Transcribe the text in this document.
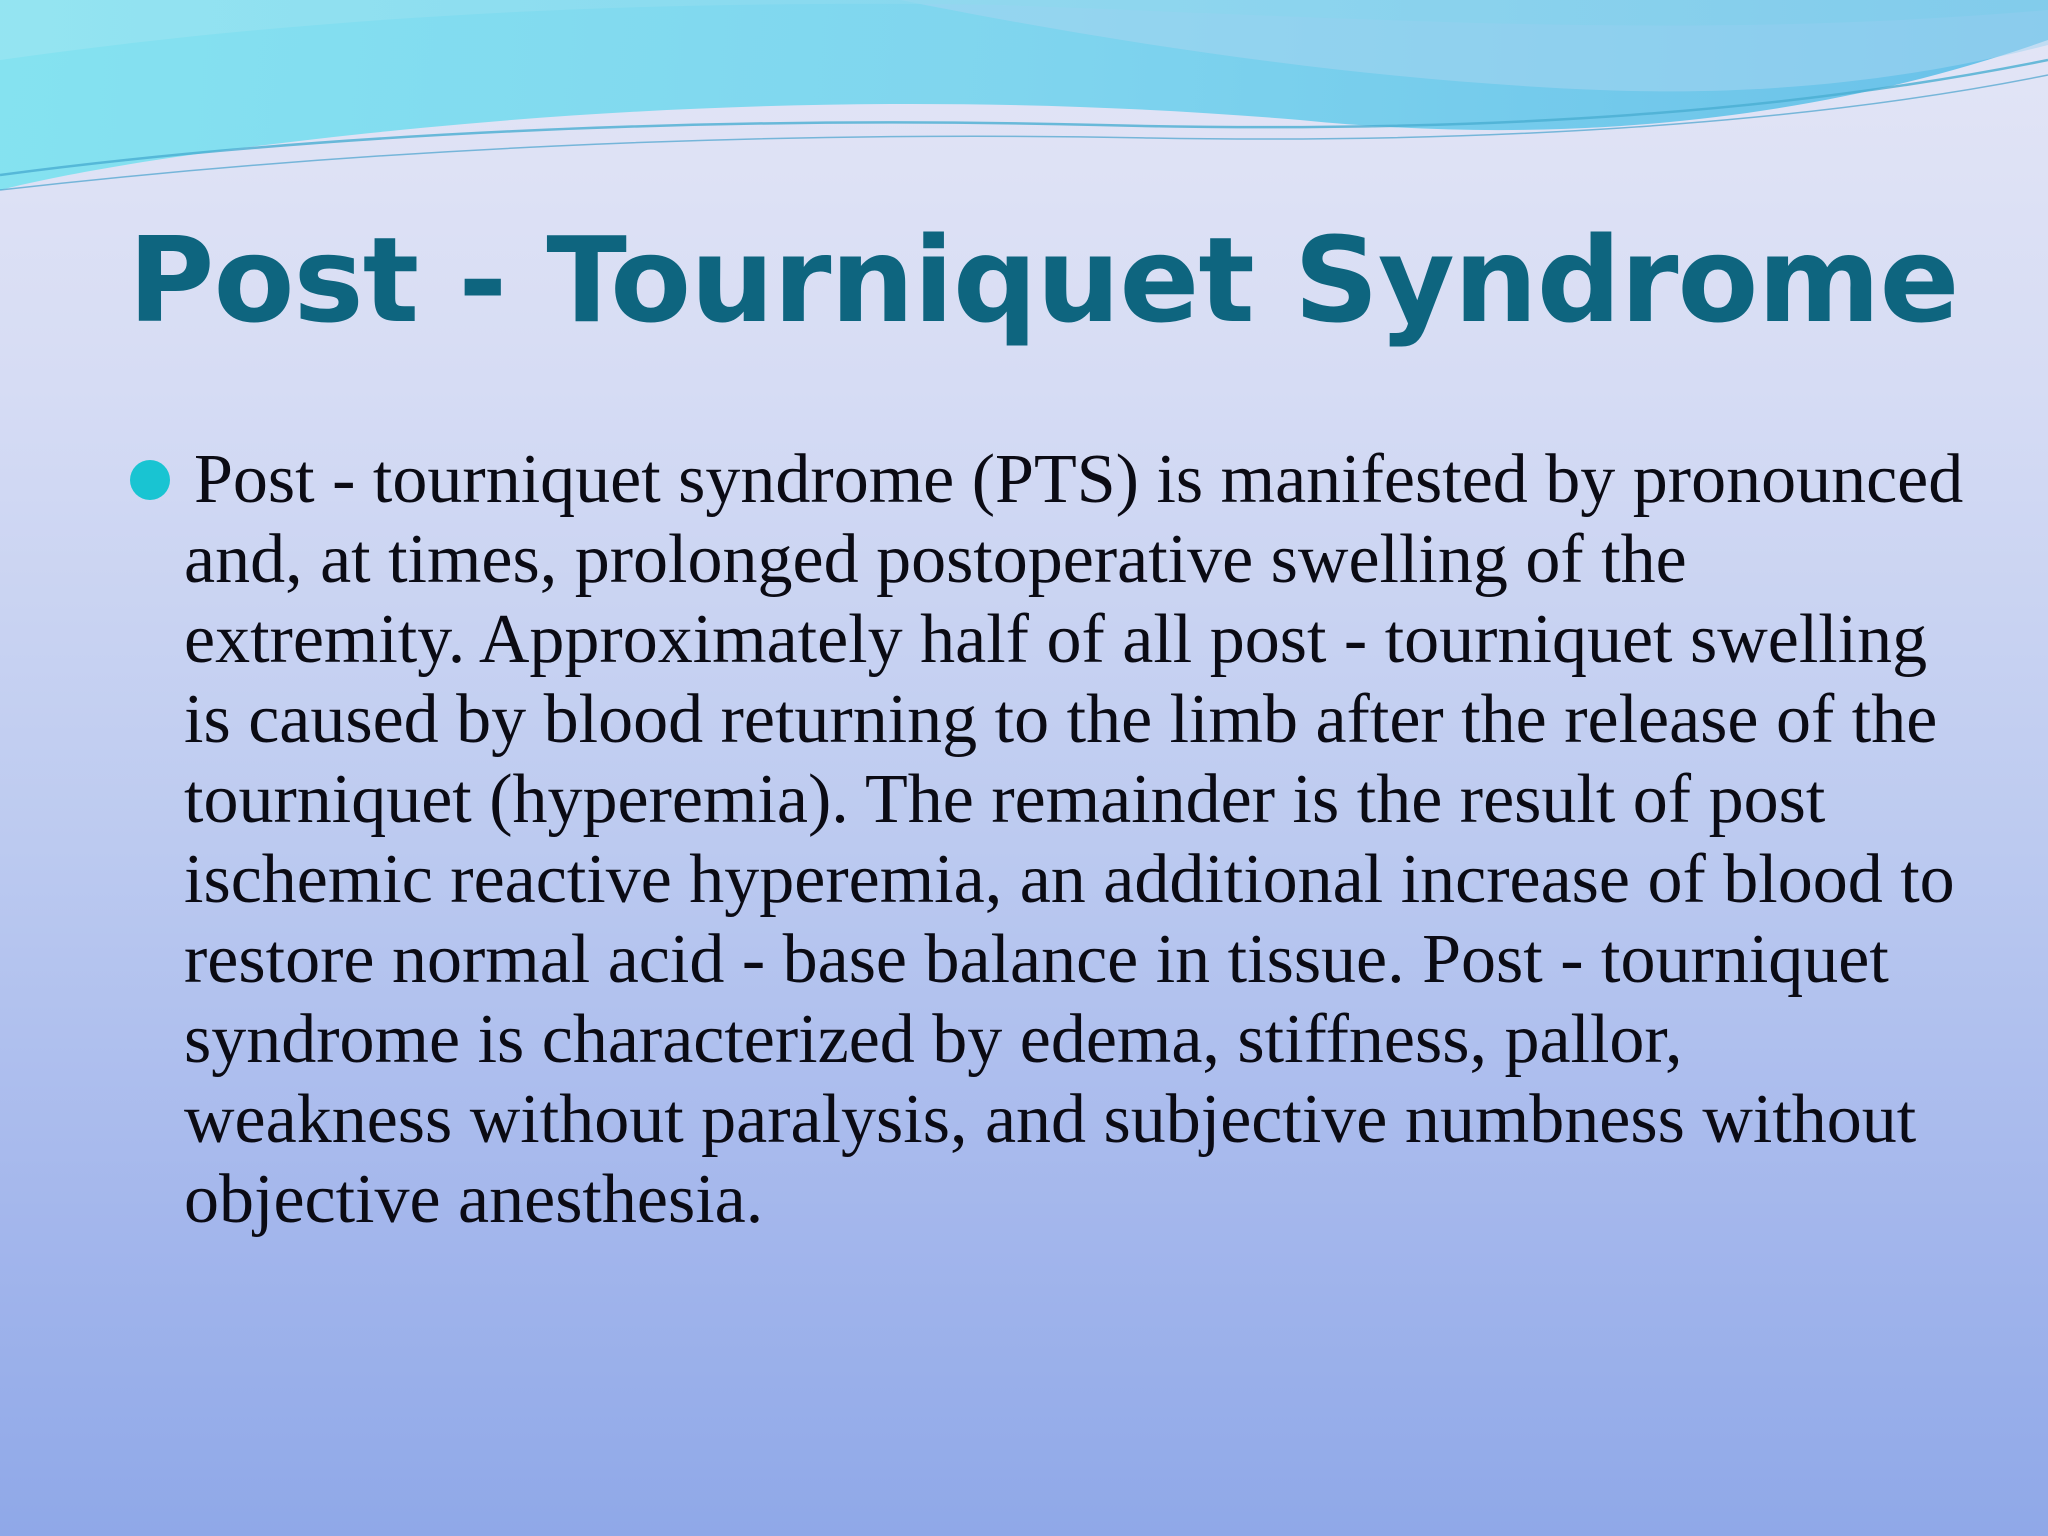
Post - Tourniquet Syndrome

Post - tourniquet syndrome (PTS) is manifested by pronounced and, at times, prolonged postoperative swelling of the extremity. Approximately half of all post - tourniquet swelling is caused by blood returning to the limb after the release of the tourniquet (hyperemia). The remainder is the result of post ischemic reactive hyperemia, an additional increase of blood to restore normal acid - base balance in tissue. Post - tourniquet syndrome is characterized by edema, stiffness, pallor, weakness without paralysis, and subjective numbness without objective anesthesia.
